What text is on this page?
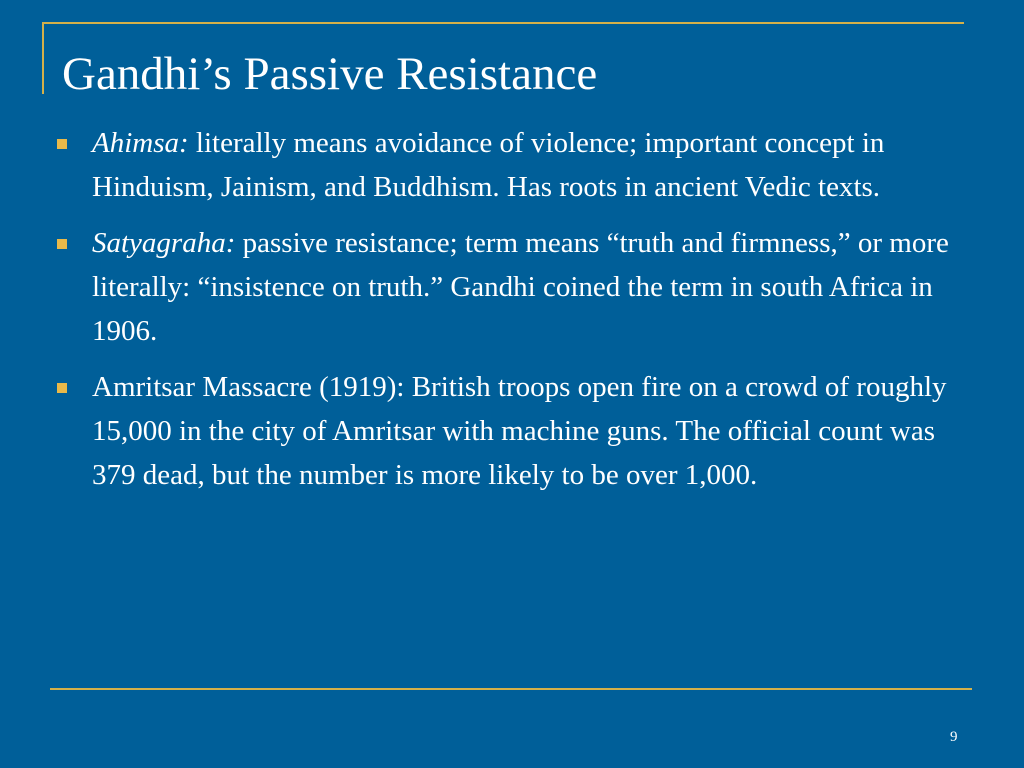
Gandhi’s Passive Resistance
Ahimsa: literally means avoidance of violence; important concept in Hinduism, Jainism, and Buddhism. Has roots in ancient Vedic texts.
Satyagraha: passive resistance; term means “truth and firmness,” or more literally: “insistence on truth.” Gandhi coined the term in south Africa in 1906.
Amritsar Massacre (1919): British troops open fire on a crowd of roughly 15,000 in the city of Amritsar with machine guns. The official count was 379 dead, but the number is more likely to be over 1,000.
9
